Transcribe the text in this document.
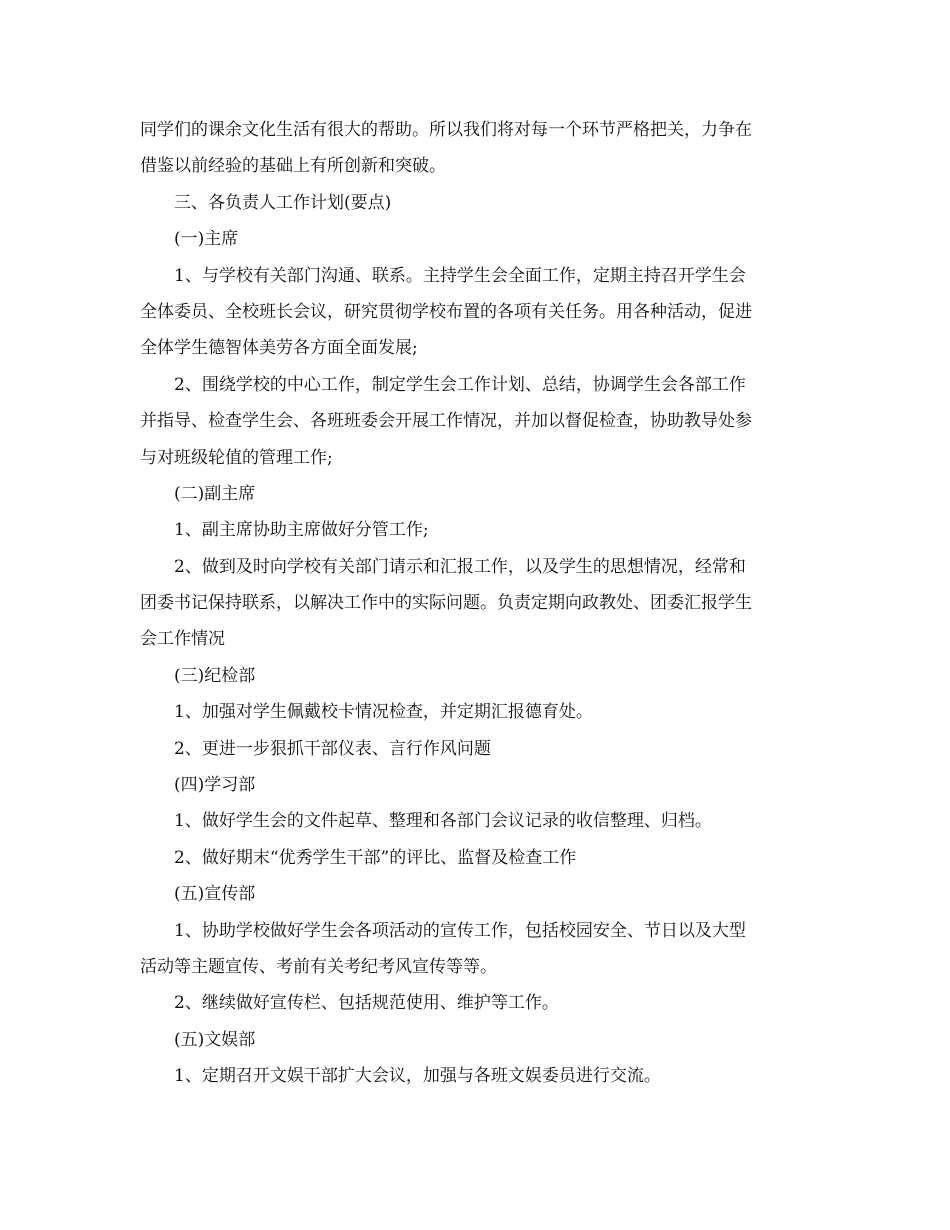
同学们的课余文化生活有很大的帮助。所以我们将对每一个环节严格把关，力争在
借鉴以前经验的基础上有所创新和突破。
三、各负责人工作计划(要点)
(一)主席
1、与学校有关部门沟通、联系。主持学生会全面工作，定期主持召开学生会
全体委员、全校班长会议，研究贯彻学校布置的各项有关任务。用各种活动，促进
全体学生德智体美劳各方面全面发展;
2、围绕学校的中心工作，制定学生会工作计划、总结，协调学生会各部工作
并指导、检查学生会、各班班委会开展工作情况，并加以督促检查，协助教导处参
与对班级轮值的管理工作;
(二)副主席
1、副主席协助主席做好分管工作;
2、做到及时向学校有关部门请示和汇报工作，以及学生的思想情况，经常和
团委书记保持联系，以解决工作中的实际问题。负责定期向政教处、团委汇报学生
会工作情况
(三)纪检部
1、加强对学生佩戴校卡情况检查，并定期汇报德育处。
2、更进一步狠抓干部仪表、言行作风问题
(四)学习部
1、做好学生会的文件起草、整理和各部门会议记录的收信整理、归档。
2、做好期末“优秀学生干部”的评比、监督及检查工作
(五)宣传部
1、协助学校做好学生会各项活动的宣传工作，包括校园安全、节日以及大型
活动等主题宣传、考前有关考纪考风宣传等等。
2、继续做好宣传栏、包括规范使用、维护等工作。
(五)文娱部
1、定期召开文娱干部扩大会议，加强与各班文娱委员进行交流。
